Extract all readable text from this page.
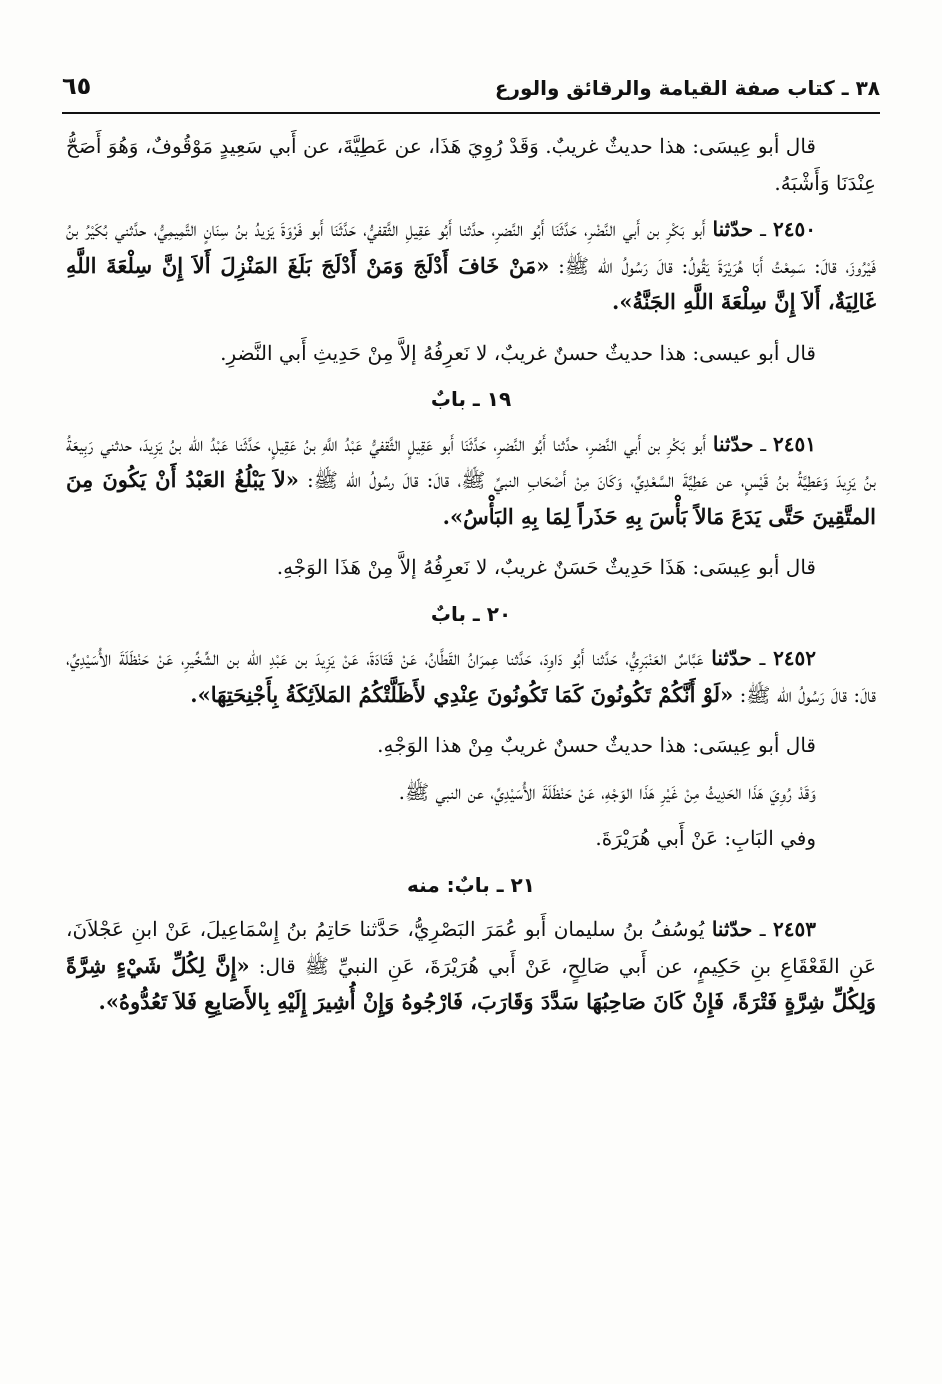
٦٥	٣٨ ـ كتاب صفة القيامة والرقائق والورع

قال أبو عِيسَى: هذا حديثٌ غريبٌ. وَقَدْ رُوِيَ هَذَا، عن عَطِيَّةَ، عن أَبي سَعِيدٍ مَوْقُوفٌ، وَهُوَ أَصَحُّ عِنْدَنَا وَأَشْبَهُ.

٢٤٥٠ ـ حدّثنا أَبو بَكْرِ بن أَبي النَّضْرِ، حَدَّثَنَا أَبُو النَّضرِ، حدَّثنا أَبُو عَقِيلِ الثَّقفيُّ، حَدَّثَنَا أَبو فَرْوَةَ يَزيدُ بنُ سِنَانٍ التَّمِيمِيُّ، حدَّثني بُكَيْرُ بنُ فَيْرُوزَ، قالَ: سَمِعْتُ أَبَا هُرَيْرَةَ يَقُولُ: قالَ رَسُولُ الله ﷺ: «مَنْ خَافَ أَدْلَجَ وَمَنْ أَدْلَجَ بَلَغَ المَنْزِلَ أَلاَ إِنَّ سِلْعَةَ اللَّهِ غَالِيَةٌ، أَلاَ إِنَّ سِلْعَةَ اللَّهِ الجَنَّةُ».

قال أبو عيسى: هذا حديثٌ حسنٌ غريبٌ، لا نَعرِفُهُ إلاَّ مِنْ حَدِيثِ أَبي النَّضرِ.

١٩ ـ بابٌ

٢٤٥١ ـ حدّثنا أَبو بَكْرِ بن أَبي النَّضرِ، حدَّثنا أَبُو النَّضرِ، حَدَّثَنَا أَبو عَقِيلٍ الثَّقفيُّ عَبْدُ اللَّهِ بنُ عَقِيلٍ، حَدَّثَنا عَبْدُ الله بنُ يَزِيدَ، حدثني رَبِيعَةُ بنُ يَزِيدَ وَعَطِيَّةُ بنُ قَيْسٍ، عن عَطِيَّةَ السَّعْدِيِّ، وَكَانَ مِنْ أَصْحَابِ النبيِّ ﷺ، قالَ: قالَ رسُولُ الله ﷺ: «لاَ يَبْلُغُ العَبْدُ أَنْ يَكُونَ مِنَ المتَّقِينَ حَتَّى يَدَعَ مَالاً بَأْسَ بِهِ حَذَراً لِمَا بِهِ البَأْسُ».

قال أبو عِيسَى: هَذَا حَدِيثٌ حَسَنٌ غريبٌ، لا نَعرِفُهُ إلاَّ مِنْ هَذَا الوَجْهِ.

٢٠ ـ بابٌ

٢٤٥٢ ـ حدّثنا عَبَّاسٌ العَنْبَرِيُّ، حَدَّثنا أَبُو دَاوِدَ، حَدَّثنا عِمرَانُ القَطَّانُ، عَنْ قَتَادَةَ، عَنْ يَزِيدَ بن عَبْدِ الله بن الشِّخِّيرِ، عَنْ حَنْظَلَةَ الأُسَيْدِيِّ، قالَ: قالَ رَسُولُ الله ﷺ: «لَوْ أَنَّكُمْ تَكُونُونَ كَمَا تَكُونُونَ عِنْدِي لأَظَلَّتْكُمُ المَلاَئِكَةُ بِأَجْنِحَتِهَا».

قال أبو عِيسَى: هذا حديثٌ حسنٌ غريبٌ مِنْ هذا الوَجْهِ.

وَقَدْ رُوِيَ هَذَا الحَدِيثُ مِنْ غَيْرِ هَذَا الوَجْهِ، عَنْ حَنْظَلَةَ الأُسَيْدِيِّ، عن النبي ﷺ.

وفي البَابِ: عَنْ أَبي هُرَيْرَةَ.

٢١ ـ بابٌ: منه

٢٤٥٣ ـ حدّثنا يُوسُفُ بنُ سليمان أَبو عُمَرَ البَصْرِيُّ، حَدَّثنا حَاتِمُ بنُ إِسْمَاعِيلَ، عَنْ ابنِ عَجْلاَنَ، عَنِ القَعْقَاعِ بنِ حَكِيمٍ، عن أَبي صَالِحٍ، عَنْ أَبي هُرَيْرَةَ، عَنِ النبيِّ ﷺ قال: «إِنَّ لِكُلِّ شَيْءٍ شِرَّةً وَلِكُلِّ شِرَّةٍ فَتْرَةً، فَإِنْ كَانَ صَاحِبُهَا سَدَّدَ وَقَارَبَ، فَارْجُوهُ وَإِنْ أُشِيرَ إِلَيْهِ بِالأَصَابِعِ فَلاَ تَعُدُّوهُ».
